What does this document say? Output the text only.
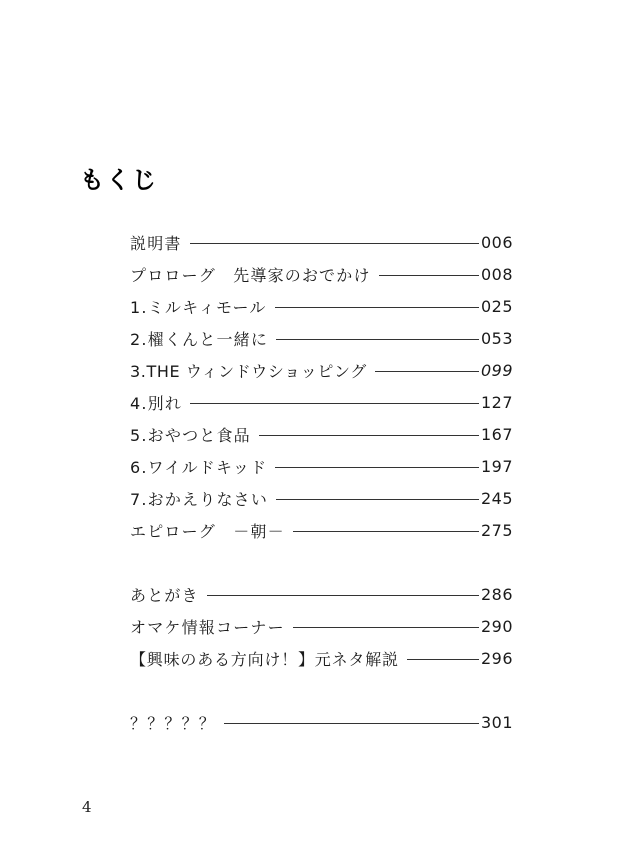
もくじ
説明書	006
プロローグ　先導家のおでかけ	008
1.ミルキィモール	025
2.櫂くんと一緒に	053
3.THE ウィンドウショッピング	099
4.別れ	127
5.おやつと食品	167
6.ワイルドキッド	197
7.おかえりなさい	245
エピローグ　－朝－	275
あとがき	286
オマケ情報コーナー	290
【興味のある方向け！】元ネタ解説	296
？？？？？	301
4
